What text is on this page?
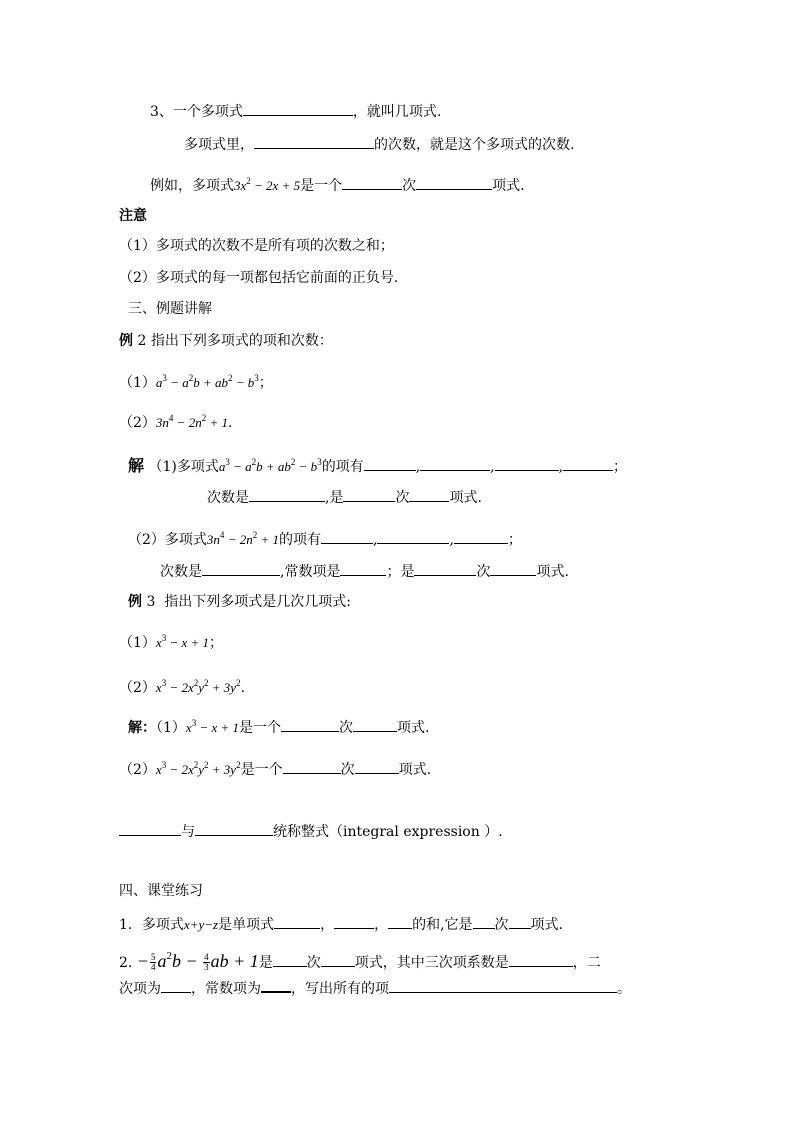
3、一个多项式	，就叫几项式.
多项式里，	的次数，就是这个多项式的次数.
例如，多项式$3x^2 - 2x + 5$是一个	次	项式.
注意
（1）多项式的次数不是所有项的次数之和；
（2）多项式的每一项都包括它前面的正负号.
三、例题讲解
例 2 指出下列多项式的项和次数：
$(1)a^3 - a^2b + ab^2 - b^3$；
$(2)3n^4 - 2n^2 + 1$.
解 （1)多项式$a^3 - a^2b + ab^2 - b^3$的项有	,	,	,	；
次数是	,是	次	项式.
（2）多项式$3n^4 - 2n^2 + 1$的项有	,	,	；
次数是	,常数项是	；是	次	项式.
例 3 指出下列多项式是几次几项式:
$(1)x^3 - x + 1$；
$(2)x^3 - 2x^2y^2 + 3y^2$.
解：$(1)x^3 - x + 1$是一个	次	项式.
$(2)x^3 - 2x^2y^2 + 3y^2$是一个	次	项式.
与	统称整式（integral expression ）.
四、课堂练习
1．多项式x+y−z是单项式	，	， 的和,它是 次 项式.
2. − $\frac{5}{4} a^2b - \frac{4}{3}$ ab + 1是 次 项式，其中三次项系数是	，二
次项为 ，常数项为 ，写出所有的项	。
